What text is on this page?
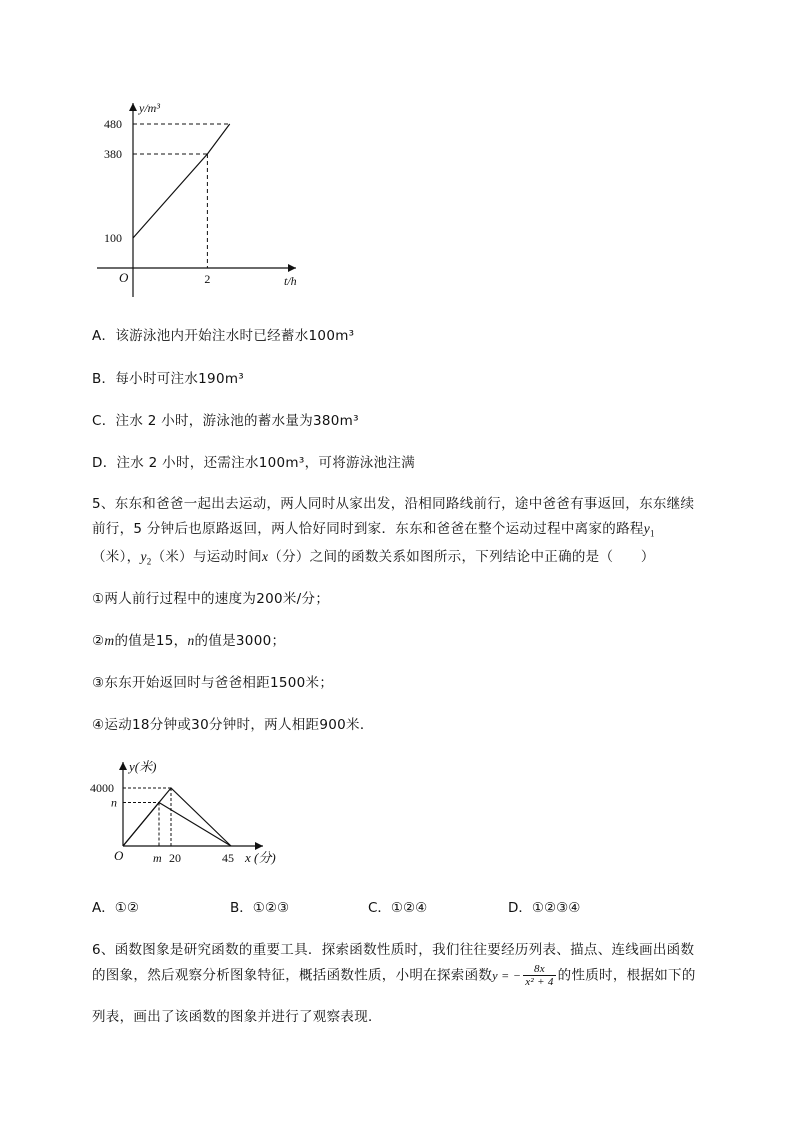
y/m³
t/h
O
100
380
480
2
y(米)
x (分)
O
4000
n
m 20	45
A．该游泳池内开始注水时已经蓄水100m³
B．每小时可注水190m³
C．注水 2 小时，游泳池的蓄水量为380m³
D．注水 2 小时，还需注水100m³，可将游泳池注满
5、东东和爸爸一起出去运动，两人同时从家出发，沿相同路线前行，途中爸爸有事返回，东东继续
前行，5 分钟后也原路返回，两人恰好同时到家．东东和爸爸在整个运动过程中离家的路程$y_1$
（米），$y_2$（米）与运动时间x（分）之间的函数关系如图所示，下列结论中正确的是（　　）
①两人前行过程中的速度为200米/分；
②m的值是15，n的值是3000；
③东东开始返回时与爸爸相距1500米；
④运动18分钟或30分钟时，两人相距900米．
A．①②	B．①②③	C．①②④	D．①②③④
6、函数图象是研究函数的重要工具．探索函数性质时，我们往往要经历列表、描点、连线画出函数
的图象，然后观察分析图象特征，概括函数性质，小明在探索函数y = − $\frac{8x}{\text{x² + 4}}$ 的性质时，根据如下的
列表，画出了该函数的图象并进行了观察表现．
